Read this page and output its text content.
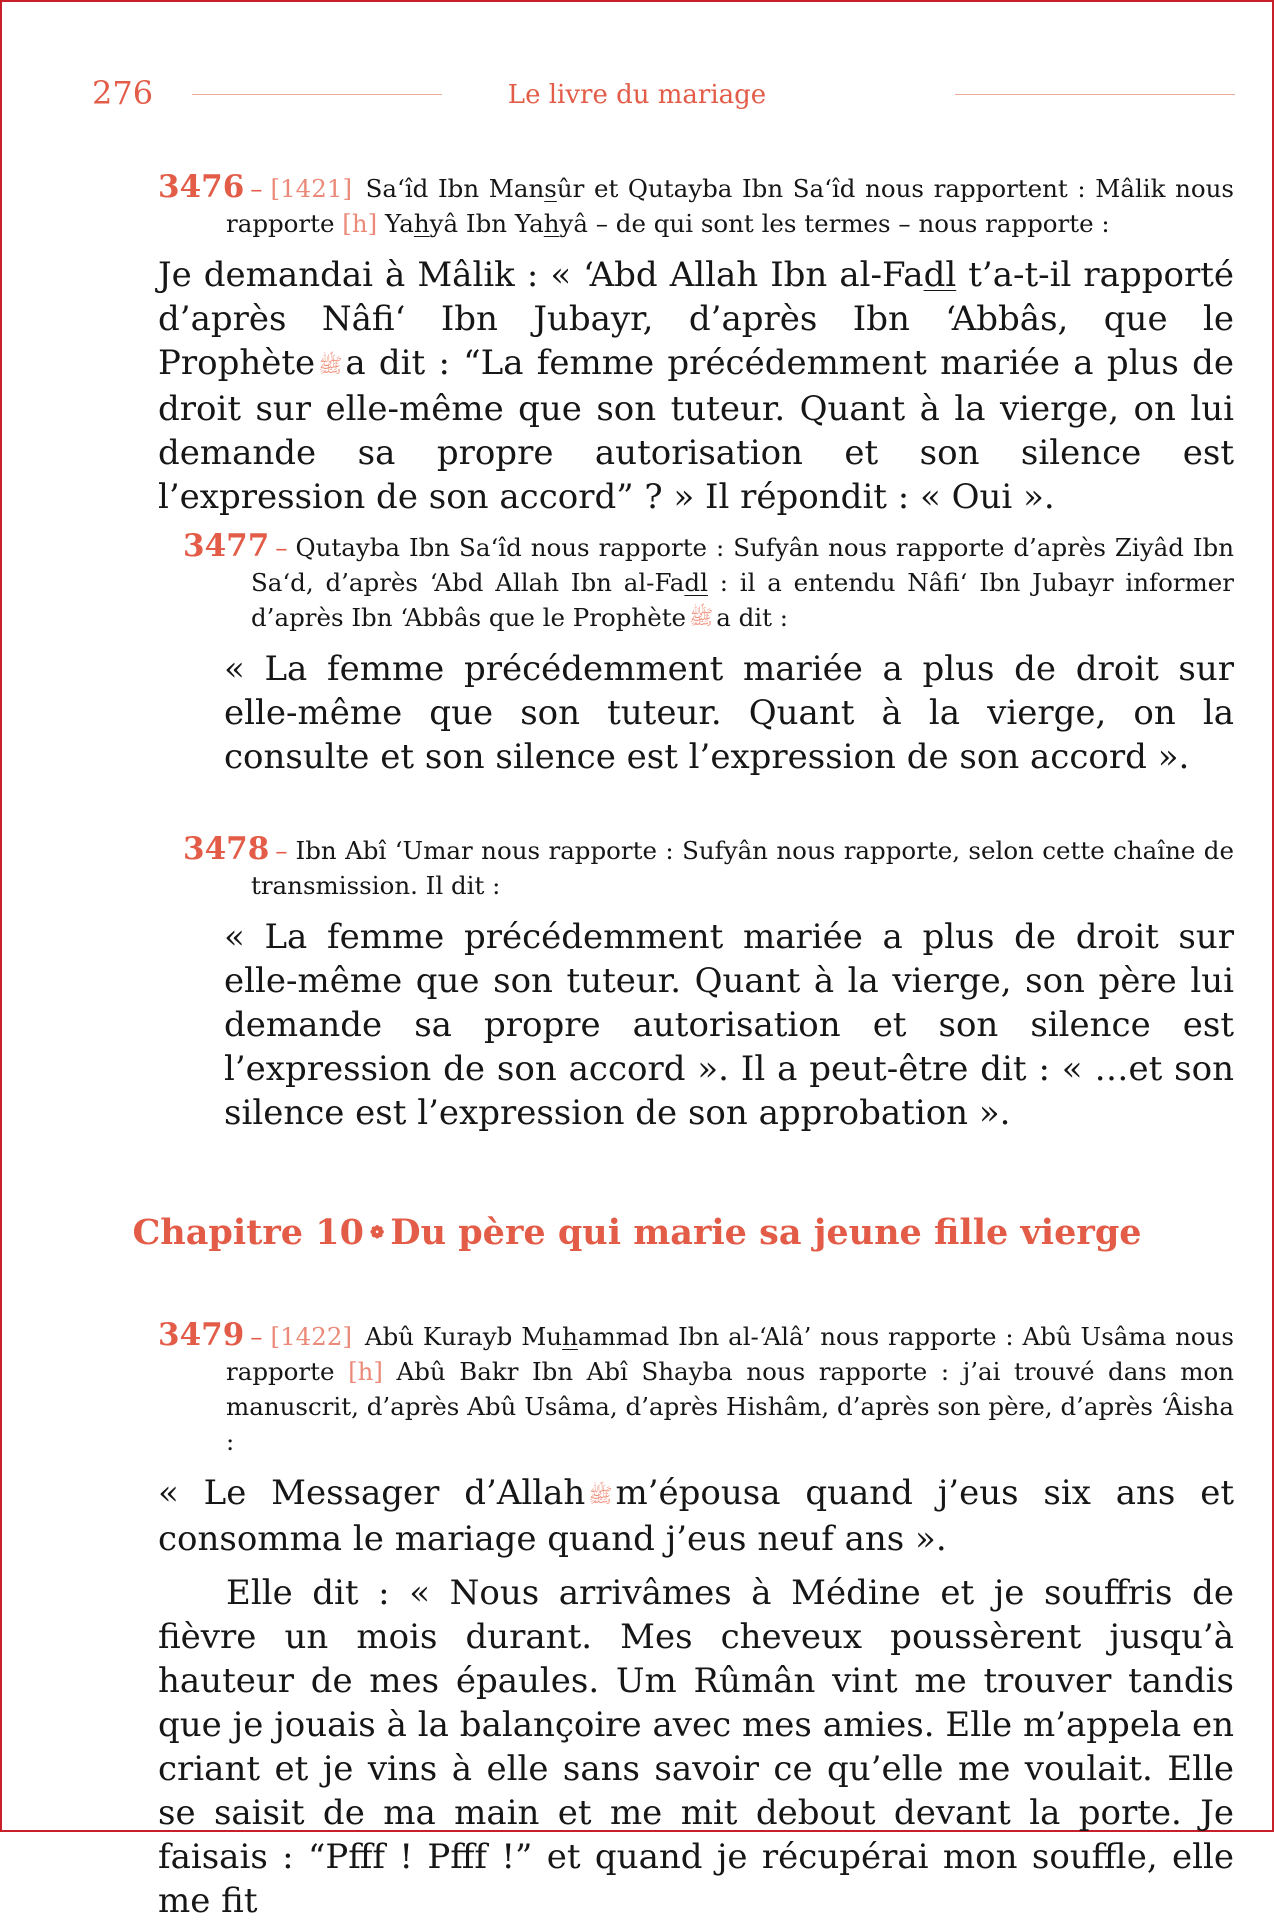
276	Le livre du mariage
3476 – [1421] Sa‘îd Ibn Mansûr et Qutayba Ibn Sa‘îd nous rapportent : Mâlik nous rapporte [h] Yahyâ Ibn Yahyâ – de qui sont les termes – nous rapporte :

Je demandai à Mâlik : « ‘Abd Allah Ibn al-Fadl t’a-t-il rapporté d’après Nâfi‘ Ibn Jubayr, d’après Ibn ‘Abbâs, que le Prophète ﷺa dit : “La femme précédemment mariée a plus de droit sur elle-même que son tuteur. Quant à la vierge, on lui demande sa propre autorisation et son silence est l’expression de son accord” ? » Il répondit : « Oui ».

3477 – Qutayba Ibn Sa‘îd nous rapporte : Sufyân nous rapporte d’après Ziyâd Ibn Sa‘d, d’après ‘Abd Allah Ibn al-Fadl : il a entendu Nâfi‘ Ibn Jubayr informer d’après Ibn ‘Abbâs que le Prophète ﷺ a dit :

« La femme précédemment mariée a plus de droit sur elle-même que son tuteur. Quant à la vierge, on la consulte et son silence est l’expression de son accord ».

3478 – Ibn Abî ‘Umar nous rapporte : Sufyân nous rapporte, selon cette chaîne de transmission. Il dit :

« La femme précédemment mariée a plus de droit sur elle-même que son tuteur. Quant à la vierge, son père lui demande sa propre autorisation et son silence est l’expression de son accord ». Il a peut-être dit : « …et son silence est l’expression de son approbation ».

Chapitre 10 ❁ Du père qui marie sa jeune fille vierge
3479 – [1422] Abû Kurayb Muhammad Ibn al-‘Alâ’ nous rapporte : Abû Usâma nous rapporte [h] Abû Bakr Ibn Abî Shayba nous rapporte : j’ai trouvé dans mon manuscrit, d’après Abû Usâma, d’après Hishâm, d’après son père, d’après ‘Âisha :

« Le Messager d’Allah ﷺm’épousa quand j’eus six ans et consomma le mariage quand j’eus neuf ans ».

Elle dit : « Nous arrivâmes à Médine et je souffris de fièvre un mois durant. Mes cheveux poussèrent jusqu’à hauteur de mes épaules. Um Rûmân vint me trouver tandis que je jouais à la balançoire avec mes amies. Elle m’appela en criant et je vins à elle sans savoir ce qu’elle me voulait. Elle se saisit de ma main et me mit debout devant la porte. Je faisais : “Pfff ! Pfff !” et quand je récupérai mon souffle, elle me fit
